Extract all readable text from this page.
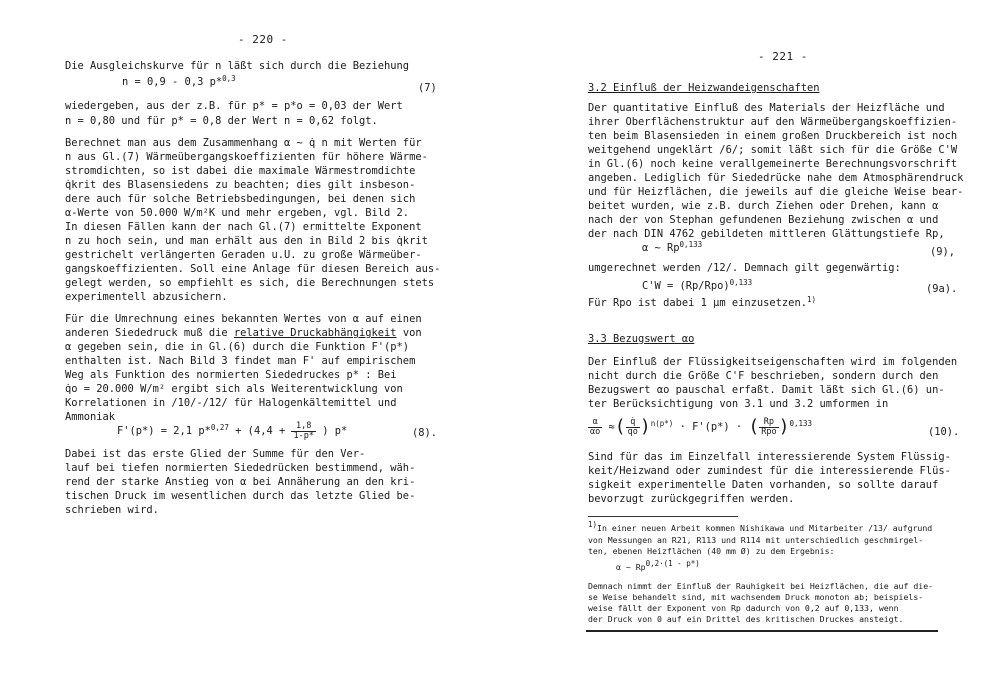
- 220 -
Die Ausgleichskurve für n läßt sich durch die Beziehung
n = 0,9 - 0,3 p*$^{0,3}$
(7)
wiedergeben, aus der z.B. für p* = p*o = 0,03 der Wert
n = 0,80 und für p* = 0,8 der Wert n = 0,62 folgt.
Berechnet man aus dem Zusammenhang α ~ q̇ n mit Werten für
n aus Gl.(7) Wärmeübergangskoeffizienten für höhere Wärme-
stromdichten, so ist dabei die maximale Wärmestromdichte
q̇krit des Blasensiedens zu beachten; dies gilt insbeson-
dere auch für solche Betriebsbedingungen, bei denen sich
α-Werte von 50.000 W/m²K und mehr ergeben, vgl. Bild 2.
In diesen Fällen kann der nach Gl.(7) ermittelte Exponent
n zu hoch sein, und man erhält aus den in Bild 2 bis q̇krit
gestrichelt verlängerten Geraden u.U. zu große Wärmeüber-
gangskoeffizienten. Soll eine Anlage für diesen Bereich aus-
gelegt werden, so empfiehlt es sich, die Berechnungen stets
experimentell abzusichern.
Für die Umrechnung eines bekannten Wertes von α auf einen
anderen Siededruck muß die relative Druckabhängigkeit von
α gegeben sein, die in Gl.(6) durch die Funktion F'(p*)
enthalten ist. Nach Bild 3 findet man F' auf empirischem
Weg als Funktion des normierten Siededruckes p* : Bei
q̇o = 20.000 W/m² ergibt sich als Weiterentwicklung von
Korrelationen in /10/-/12/ für Halogenkältemittel und
Ammoniak
F'(p*) = 2,1 $p*^{0,27} + (4,4 + \frac{1,8}{1-p*}$ ) p*	(8).
Dabei ist das erste Glied der Summe für den Ver-
lauf bei tiefen normierten Siededrücken bestimmend, wäh-
rend der starke Anstieg von α bei Annäherung an den kri-
tischen Druck im wesentlichen durch das letzte Glied be-
schrieben wird.
- 221 -
3.2 Einfluß der Heizwandeigenschaften
Der quantitative Einfluß des Materials der Heizfläche und
ihrer Oberflächenstruktur auf den Wärmeübergangskoeffizien-
ten beim Blasensieden in einem großen Druckbereich ist noch
weitgehend ungeklärt /6/; somit läßt sich für die Größe C'W
in Gl.(6) noch keine verallgemeinerte Berechnungsvorschrift
angeben. Lediglich für Siededrücke nahe dem Atmosphärendruck
und für Heizflächen, die jeweils auf die gleiche Weise bear-
beitet wurden, wie z.B. durch Ziehen oder Drehen, kann α
nach der von Stephan gefundenen Beziehung zwischen α und
der nach DIN 4762 gebildeten mittleren Glättungstiefe Rp,
α ~ Rp$^{0,133}$
(9),
umgerechnet werden /12/. Demnach gilt gegenwärtig:
$C'W = (Rp/Rpo)^{0,133}$
(9a).
Für Rpo ist dabei 1 μm einzusetzen.$^{1)}$
3.3 Bezugswert αo
Der Einfluß der Flüssigkeitseigenschaften wird im folgenden
nicht durch die Größe C'F beschrieben, sondern durch den
Bezugswert αo pauschal erfaßt. Damit läßt sich Gl.(6) un-
ter Berücksichtigung von 3.1 und 3.2 umformen in
$\frac{\alpha}{\alpha o}$ ≈( $\frac{q̇}{q̇o} )^{n(p*)} \cdot F'(p*)$ · ( $\frac{Rp}{\text{Rpo}} )^{0,133}$
(10).
Sind für das im Einzelfall interessierende System Flüssig-
keit/Heizwand oder zumindest für die interessierende Flüs-
sigkeit experimentelle Daten vorhanden, so sollte darauf
bevorzugt zurückgegriffen werden.
1)In einer neuen Arbeit kommen Nishikawa und Mitarbeiter /13/ aufgrund
von Messungen an R21, R113 und R114 mit unterschiedlich geschmirgel-
ten, ebenen Heizflächen (40 mm Ø) zu dem Ergebnis:
α ~ Rp0,2·(1 - p*)
Demnach nimmt der Einfluß der Rauhigkeit bei Heizflächen, die auf die-
se Weise behandelt sind, mit wachsendem Druck monoton ab; beispiels-
weise fällt der Exponent von Rp dadurch von 0,2 auf 0,133, wenn
der Druck von 0 auf ein Drittel des kritischen Druckes ansteigt.
